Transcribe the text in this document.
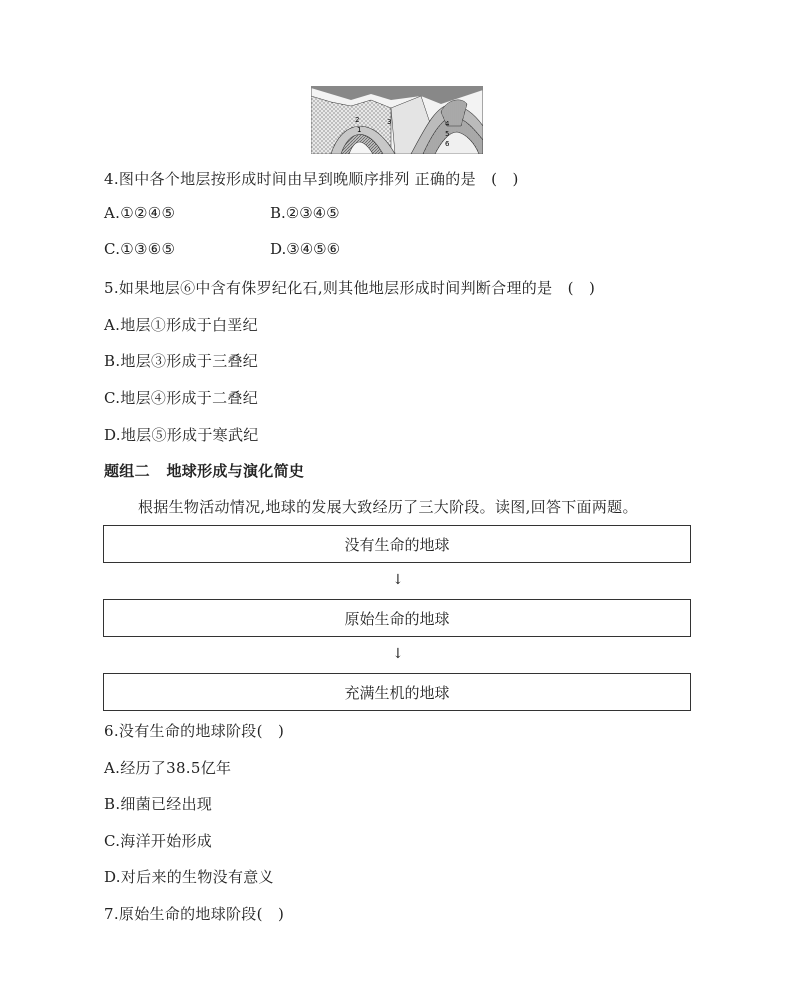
1
2	3	4
5
6
4.图中各个地层按形成时间由早到晚顺序排列 正确的是   (   )
A.①②④⑤	B.②③④⑤
C.①③⑥⑤	D.③④⑤⑥
5.如果地层⑥中含有侏罗纪化石,则其他地层形成时间判断合理的是   (   )
A.地层①形成于白垩纪
B.地层③形成于三叠纪
C.地层④形成于二叠纪
D.地层⑤形成于寒武纪
题组二   地球形成与演化简史
根据生物活动情况,地球的发展大致经历了三大阶段。读图,回答下面两题。
没有生命的地球
↓
原始生命的地球
↓
充满生机的地球
6.没有生命的地球阶段(   )
A.经历了38.5亿年
B.细菌已经出现
C.海洋开始形成
D.对后来的生物没有意义
7.原始生命的地球阶段(   )
